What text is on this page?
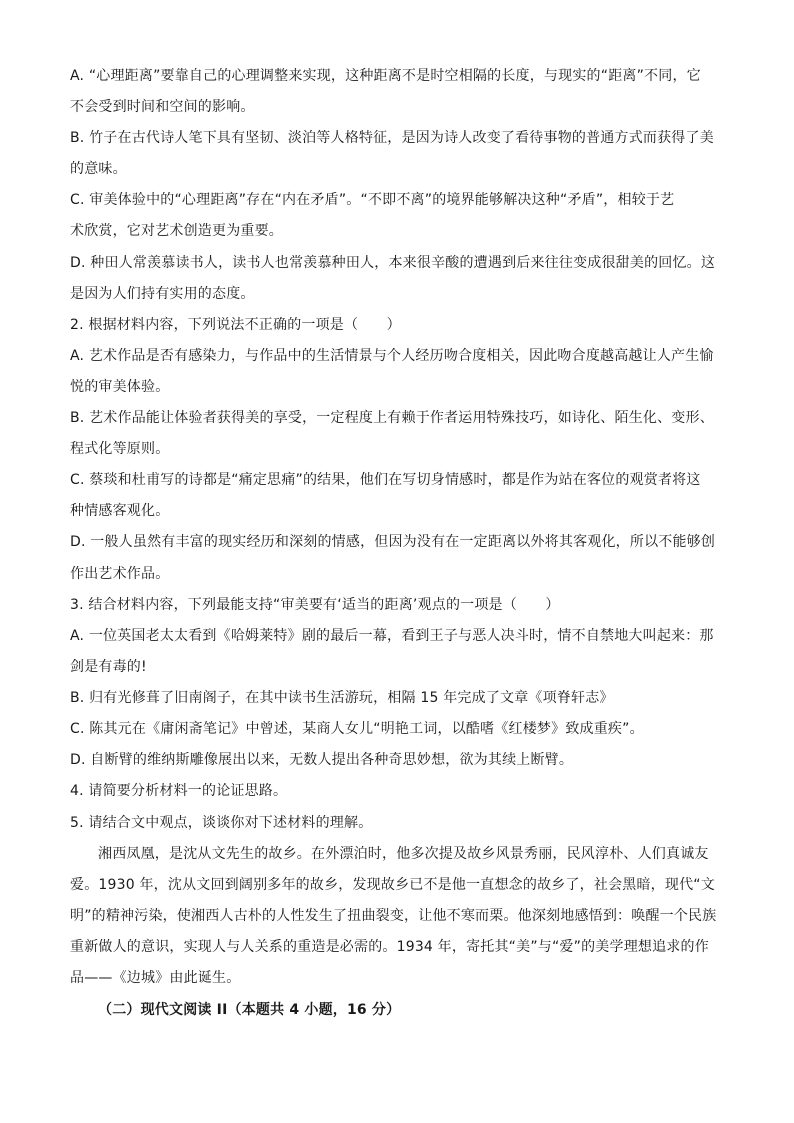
A. “心理距离”要靠自己的心理调整来实现，这种距离不是时空相隔的长度，与现实的“距离”不同，它
不会受到时间和空间的影响。
B. 竹子在古代诗人笔下具有坚韧、淡泊等人格特征，是因为诗人改变了看待事物的普通方式而获得了美
的意味。
C. 审美体验中的“心理距离”存在“内在矛盾”。“不即不离”的境界能够解决这种“矛盾”，相较于艺
术欣赏，它对艺术创造更为重要。
D. 种田人常羡慕读书人，读书人也常羡慕种田人，本来很辛酸的遭遇到后来往往变成很甜美的回忆。这
是因为人们持有实用的态度。
2. 根据材料内容，下列说法不正确的一项是（　　）
A. 艺术作品是否有感染力，与作品中的生活情景与个人经历吻合度相关，因此吻合度越高越让人产生愉
悦的审美体验。
B. 艺术作品能让体验者获得美的享受，一定程度上有赖于作者运用特殊技巧，如诗化、陌生化、变形、
程式化等原则。
C. 蔡琰和杜甫写的诗都是“痛定思痛”的结果，他们在写切身情感时，都是作为站在客位的观赏者将这
种情感客观化。
D. 一般人虽然有丰富的现实经历和深刻的情感，但因为没有在一定距离以外将其客观化，所以不能够创
作出艺术作品。
3. 结合材料内容，下列最能支持“审美要有‘适当的距离’观点的一项是（　　）
A. 一位英国老太太看到《哈姆莱特》剧的最后一幕，看到王子与恶人决斗时，情不自禁地大叫起来：那
剑是有毒的!
B. 归有光修葺了旧南阁子，在其中读书生活游玩，相隔 15 年完成了文章《项脊轩志》
C. 陈其元在《庸闲斋笔记》中曾述，某商人女儿“明艳工词，以酷嗜《红楼梦》致成重疾”。
D. 自断臂的维纳斯雕像展出以来，无数人提出各种奇思妙想，欲为其续上断臂。
4. 请简要分析材料一的论证思路。
5. 请结合文中观点，谈谈你对下述材料的理解。
湘西凤凰，是沈从文先生的故乡。在外漂泊时，他多次提及故乡风景秀丽，民风淳朴、人们真诚友
爱。1930 年，沈从文回到阔别多年的故乡，发现故乡已不是他一直想念的故乡了，社会黑暗，现代“文
明”的精神污染，使湘西人古朴的人性发生了扭曲裂变，让他不寒而栗。他深刻地感悟到：唤醒一个民族
重新做人的意识，实现人与人关系的重造是必需的。1934 年，寄托其“美”与“爱”的美学理想追求的作
品——《边城》由此诞生。
（二）现代文阅读 II（本题共 4 小题，16 分）
